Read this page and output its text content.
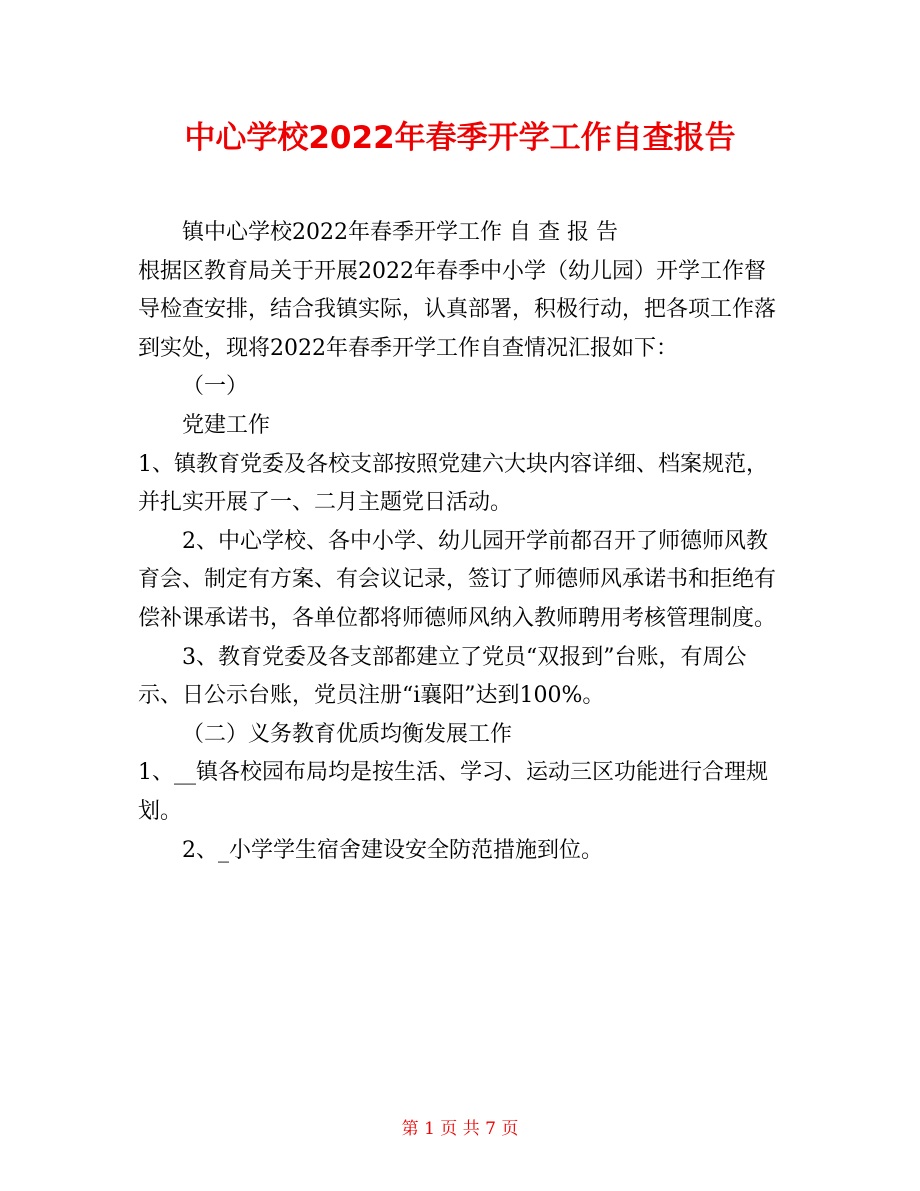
中心学校2022年春季开学工作自查报告

镇中心学校2022年春季开学工作 自 查 报 告

根据区教育局关于开展2022年春季中小学（幼儿园）开学工作督导检查安排，结合我镇实际，认真部署，积极行动，把各项工作落到实处，现将2022年春季开学工作自查情况汇报如下：

（一）

党建工作

1、镇教育党委及各校支部按照党建六大块内容详细、档案规范，并扎实开展了一、二月主题党日活动。

2、中心学校、各中小学、幼儿园开学前都召开了师德师风教育会、制定有方案、有会议记录，签订了师德师风承诺书和拒绝有偿补课承诺书，各单位都将师德师风纳入教师聘用考核管理制度。

3、教育党委及各支部都建立了党员“双报到”台账，有周公示、日公示台账，党员注册“i襄阳”达到100%。

（二）义务教育优质均衡发展工作

1、__镇各校园布局均是按生活、学习、运动三区功能进行合理规划。

2、_小学学生宿舍建设安全防范措施到位。

第 1 页 共 7 页
